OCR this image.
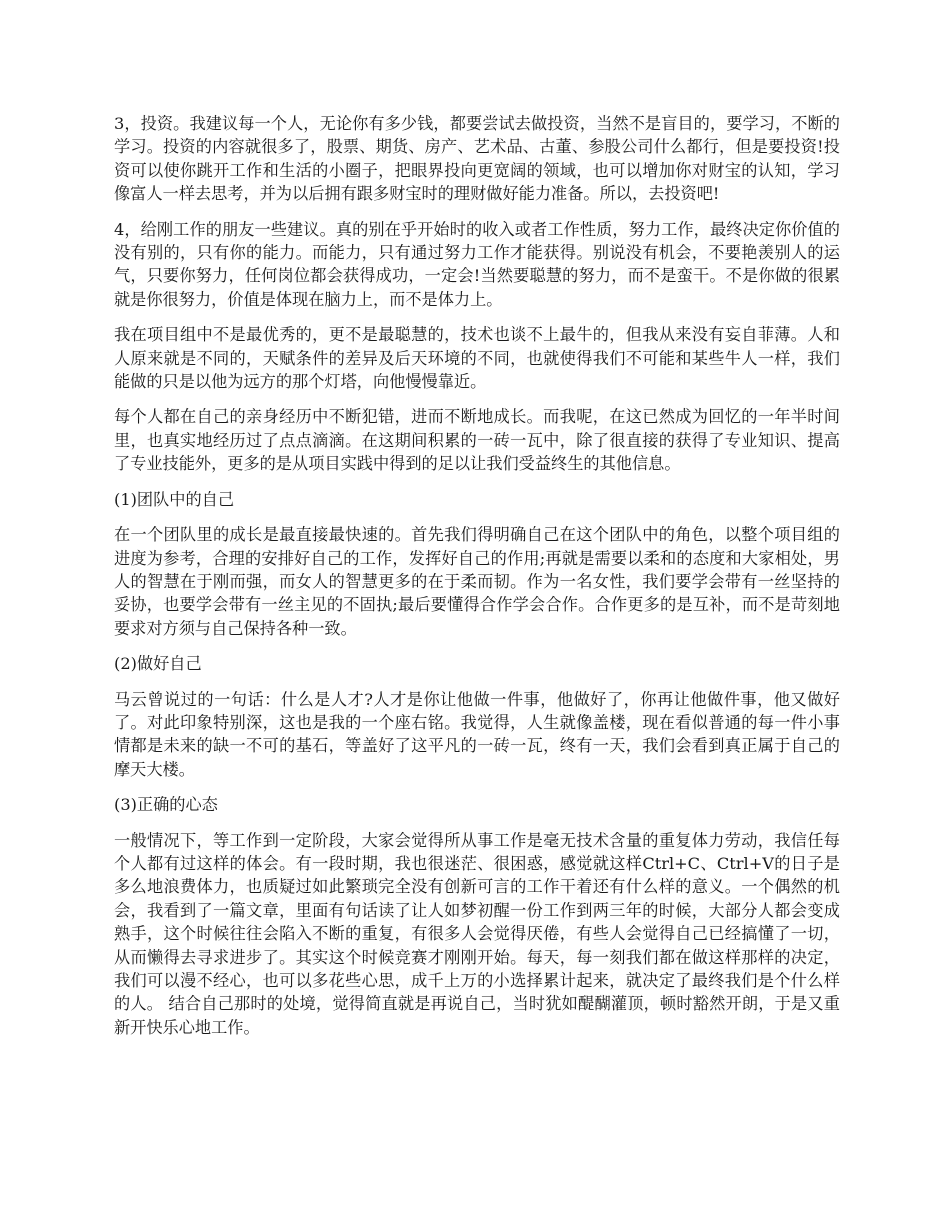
3，投资。我建议每一个人，无论你有多少钱，都要尝试去做投资，当然不是盲目的，要学习，不断的学习。投资的内容就很多了，股票、期货、房产、艺术品、古董、参股公司什么都行，但是要投资!投资可以使你跳开工作和生活的小圈子，把眼界投向更宽阔的领域，也可以增加你对财宝的认知，学习像富人一样去思考，并为以后拥有跟多财宝时的理财做好能力准备。所以，去投资吧!

4，给刚工作的朋友一些建议。真的别在乎开始时的收入或者工作性质，努力工作，最终决定你价值的没有别的，只有你的能力。而能力，只有通过努力工作才能获得。别说没有机会，不要艳羡别人的运气，只要你努力，任何岗位都会获得成功，一定会!当然要聪慧的努力，而不是蛮干。不是你做的很累就是你很努力，价值是体现在脑力上，而不是体力上。

我在项目组中不是最优秀的，更不是最聪慧的，技术也谈不上最牛的，但我从来没有妄自菲薄。人和人原来就是不同的，天赋条件的差异及后天环境的不同，也就使得我们不可能和某些牛人一样，我们能做的只是以他为远方的那个灯塔，向他慢慢靠近。

每个人都在自己的亲身经历中不断犯错，进而不断地成长。而我呢，在这已然成为回忆的一年半时间里，也真实地经历过了点点滴滴。在这期间积累的一砖一瓦中，除了很直接的获得了专业知识、提高了专业技能外，更多的是从项目实践中得到的足以让我们受益终生的其他信息。

(1)团队中的自己

在一个团队里的成长是最直接最快速的。首先我们得明确自己在这个团队中的角色，以整个项目组的进度为参考，合理的安排好自己的工作，发挥好自己的作用;再就是需要以柔和的态度和大家相处，男人的智慧在于刚而强，而女人的智慧更多的在于柔而韧。作为一名女性，我们要学会带有一丝坚持的妥协，也要学会带有一丝主见的不固执;最后要懂得合作学会合作。合作更多的是互补，而不是苛刻地要求对方须与自己保持各种一致。

(2)做好自己

马云曾说过的一句话：什么是人才?人才是你让他做一件事，他做好了，你再让他做件事，他又做好了。对此印象特别深，这也是我的一个座右铭。我觉得，人生就像盖楼，现在看似普通的每一件小事情都是未来的缺一不可的基石，等盖好了这平凡的一砖一瓦，终有一天，我们会看到真正属于自己的摩天大楼。

(3)正确的心态

一般情况下，等工作到一定阶段，大家会觉得所从事工作是毫无技术含量的重复体力劳动，我信任每个人都有过这样的体会。有一段时期，我也很迷茫、很困惑，感觉就这样Ctrl+C、Ctrl+V的日子是多么地浪费体力，也质疑过如此繁琐完全没有创新可言的工作干着还有什么样的意义。一个偶然的机会，我看到了一篇文章，里面有句话读了让人如梦初醒一份工作到两三年的时候，大部分人都会变成熟手，这个时候往往会陷入不断的重复，有很多人会觉得厌倦，有些人会觉得自己已经搞懂了一切，从而懒得去寻求进步了。其实这个时候竞赛才刚刚开始。每天，每一刻我们都在做这样那样的决定，我们可以漫不经心，也可以多花些心思，成千上万的小选择累计起来，就决定了最终我们是个什么样的人。 结合自己那时的处境，觉得简直就是再说自己，当时犹如醍醐灌顶，顿时豁然开朗，于是又重新开快乐心地工作。
